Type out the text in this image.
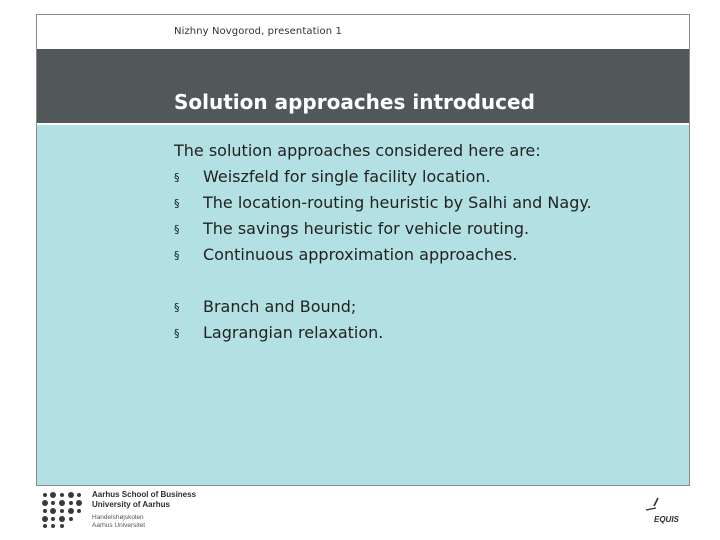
Nizhny Novgorod, presentation 1
Solution approaches introduced
The solution approaches considered here are:
§ Weiszfeld for single facility location.
§ The location-routing heuristic by Salhi and Nagy.
§ The savings heuristic for vehicle routing.
§ Continuous approximation approaches.
§ Branch and Bound;
§ Lagrangian relaxation.
Aarhus School of Business
University of Aarhus
Handelshøjskolen
Aarhus Universitet
EQUIS
